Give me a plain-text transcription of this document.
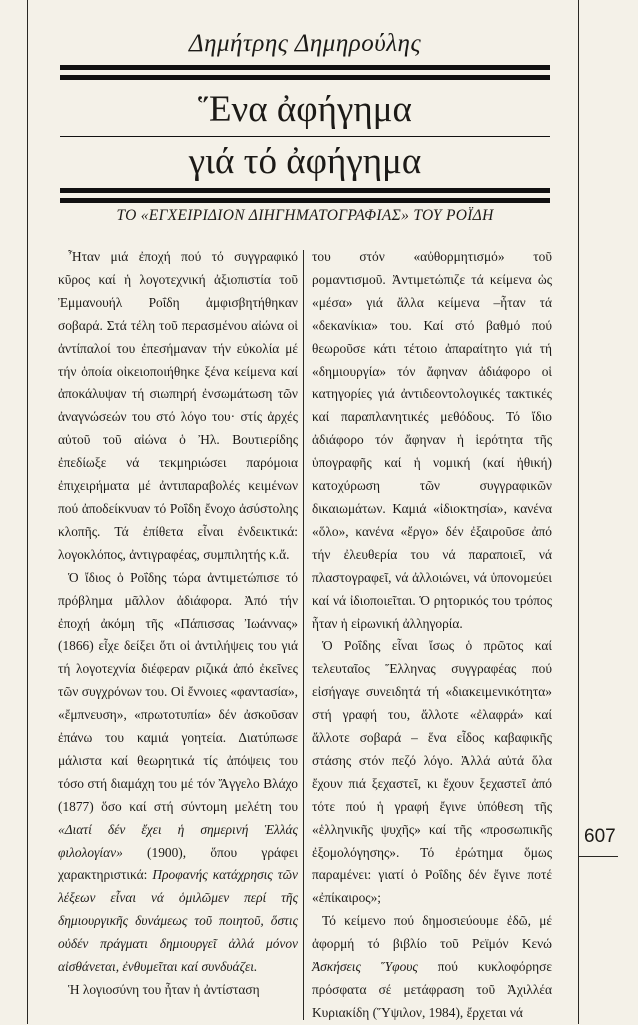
Δημήτρης Δημηρούλης
Ἕνα ἀφήγημα
γιά τό ἀφήγημα
ΤΟ «ΕΓΧΕΙΡΙΔΙΟΝ ΔΙΗΓΗΜΑΤΟΓΡΑΦΙΑΣ» ΤΟΥ ΡΟΪΔΗ

Ἦταν μιά ἐποχή πού τό συγγραφικό κῦρος καί ἡ λογοτεχνική ἀξιοπιστία τοῦ Ἐμμανουήλ Ροΐδη ἀμφισβητήθηκαν σοβαρά. Στά τέλη τοῦ περασμένου αἰώνα οἱ ἀντίπαλοί του ἐπεσήμαναν τήν εὐκολία μέ τήν ὁποία οἰκειοποιήθηκε ξένα κείμενα καί ἀποκάλυψαν τή σιωπηρή ἐνσωμάτωση τῶν ἀναγνώσεών του στό λόγο του· στίς ἀρχές αὐτοῦ τοῦ αἰώνα ὁ Ἠλ. Βουτιερίδης ἐπεδίωξε νά τεκμηριώσει παρόμοια ἐπιχειρήματα μέ ἀντιπαραβολές κειμένων πού ἀποδείκνυαν τό Ροΐδη ἔνοχο ἀσύστολης κλοπῆς. Τά ἐπίθετα εἶναι ἐνδεικτικά: λογοκλόπος, ἀντιγραφέας, συμπιλητής κ.ἄ.

Ὁ ἴδιος ὁ Ροΐδης τώρα ἀντιμετώπισε τό πρόβλημα μᾶλλον ἀδιάφορα. Ἀπό τήν ἐποχή ἀκόμη τῆς «Πάπισσας Ἰωάννας» (1866) εἶχε δείξει ὅτι οἱ ἀντιλήψεις του γιά τή λογοτεχνία διέφεραν ριζικά ἀπό ἐκεῖνες τῶν συγχρόνων του. Οἱ ἔννοιες «φαντασία», «ἔμπνευση», «πρωτοτυπία» δέν ἀσκοῦσαν ἐπάνω του καμιά γοητεία. Διατύπωσε μάλιστα καί θεωρητικά τίς ἀπόψεις του τόσο στή διαμάχη του μέ τόν Ἄγγελο Βλάχο (1877) ὅσο καί στή σύντομη μελέτη του «Διατί δέν ἔχει ἡ σημερινή Ἑλλάς φιλολογίαν» (1900), ὅπου γράφει χαρακτηριστικά: Προφανής κατάχρησις τῶν λέξεων εἶναι νά ὁμιλῶμεν περί τῆς δημιουργικῆς δυνάμεως τοῦ ποιητοῦ, ὅστις οὐδέν πράγματι δημιουργεῖ ἀλλά μόνον αἰσθάνεται, ἐνθυμεῖται καί συνδυάζει.

Ἡ λογιοσύνη του ἦταν ἡ ἀντίσταση

του στόν «αὐθορμητισμό» τοῦ ρομαντισμοῦ. Ἀντιμετώπιζε τά κείμενα ὡς «μέσα» γιά ἄλλα κείμενα –ἦταν τά «δεκανίκια» του. Καί στό βαθμό πού θεωροῦσε κάτι τέτοιο ἀπαραίτητο γιά τή «δημιουργία» τόν ἄφηναν ἀδιάφορο οἱ κατηγορίες γιά ἀντιδεοντολογικές τακτικές καί παραπλανητικές μεθόδους. Τό ἴδιο ἀδιάφορο τόν ἄφηναν ἡ ἱερότητα τῆς ὑπογραφῆς καί ἡ νομική (καί ἠθική) κατοχύρωση τῶν συγγραφικῶν δικαιωμάτων. Καμιά «ἰδιοκτησία», κανένα «ὅλο», κανένα «ἔργο» δέν ἐξαιροῦσε ἀπό τήν ἐλευθερία του νά παραποιεῖ, νά πλαστογραφεῖ, νά ἀλλοιώνει, νά ὑπονομεύει καί νά ἰδιοποιεῖται. Ὁ ρητορικός του τρόπος ἦταν ἡ εἰρωνική ἀλληγορία.

Ὁ Ροΐδης εἶναι ἴσως ὁ πρῶτος καί τελευταῖος Ἕλληνας συγγραφέας πού εἰσήγαγε συνειδητά τή «διακειμενικότητα» στή γραφή του, ἄλλοτε «ἐλαφρά» καί ἄλλοτε σοβαρά – ἕνα εἶδος καβαφικῆς στάσης στόν πεζό λόγο. Ἀλλά αὐτά ὅλα ἔχουν πιά ξεχαστεῖ, κι ἔχουν ξεχαστεῖ ἀπό τότε πού ἡ γραφή ἔγινε ὑπόθεση τῆς «ἑλληνικῆς ψυχῆς» καί τῆς «προσωπικῆς ἐξομολόγησης». Τό ἐρώτημα ὅμως παραμένει: γιατί ὁ Ροΐδης δέν ἔγινε ποτέ «ἐπίκαιρος»;

Τό κείμενο πού δημοσιεύουμε ἐδῶ, μέ ἀφορμή τό βιβλίο τοῦ Ρεϊμόν Κενώ Ἀσκήσεις Ὕφους πού κυκλοφόρησε πρόσφατα σέ μετάφραση τοῦ Ἀχιλλέα Κυριακίδη (Ὕψιλον, 1984), ἔρχεται νά

607
